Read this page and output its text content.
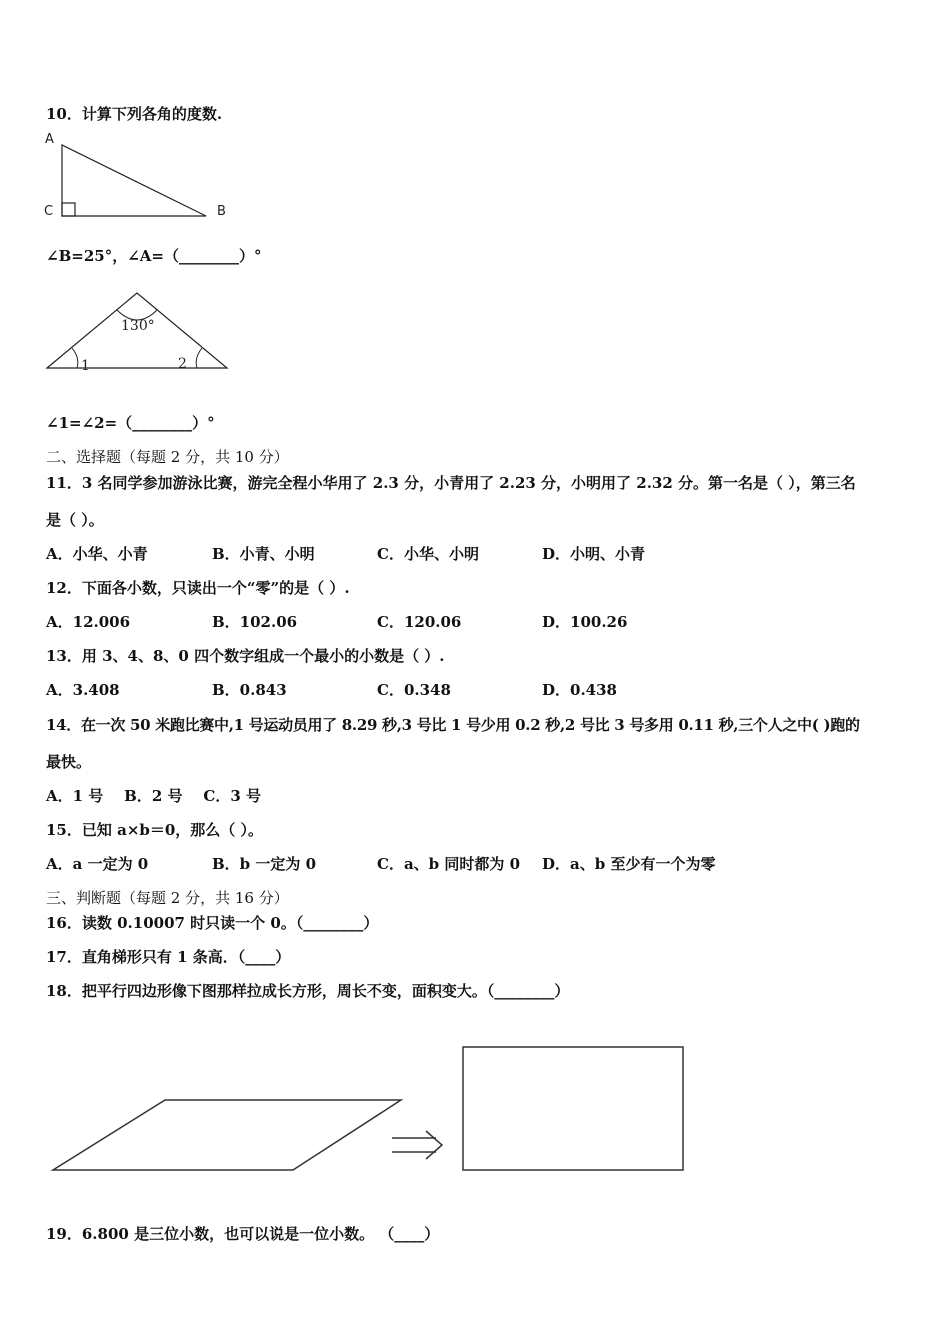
10．计算下列各角的度数.
A
C	B
∠B=25°，∠A=（________）°
130°
1	2
∠1=∠2=（________）°
二、选择题（每题 2 分，共 10 分）
11．3 名同学参加游泳比赛，游完全程小华用了 2.3 分，小青用了 2.23 分，小明用了 2.32 分。第一名是（ ），第三名
是（ ）。
A．小华、小青	B．小青、小明	C．小华、小明	D．小明、小青
12．下面各小数，只读出一个“零”的是（ ）.
A．12.006	B．102.06	C．120.06	D．100.26
13．用 3、4、8、0 四个数字组成一个最小的小数是（ ）.
A．3.408	B．0.843	C．0.348	D．0.438
14．在一次 50 米跑比赛中,1 号运动员用了 8.29 秒,3 号比 1 号少用 0.2 秒,2 号比 3 号多用 0.11 秒,三个人之中( )跑的
最快。
A．1 号    B．2 号    C．3 号
15．已知 a×b＝0，那么（ ）。
A．a 一定为 0	B．b 一定为 0	C．a、b 同时都为 0 D．a、b 至少有一个为零
三、判断题（每题 2 分，共 16 分）
16．读数 0.10007 时只读一个 0。（________）
17．直角梯形只有 1 条高．（____）
18．把平行四边形像下图那样拉成长方形，周长不变，面积变大。（________）
19．6.800 是三位小数，也可以说是一位小数。 （____）
